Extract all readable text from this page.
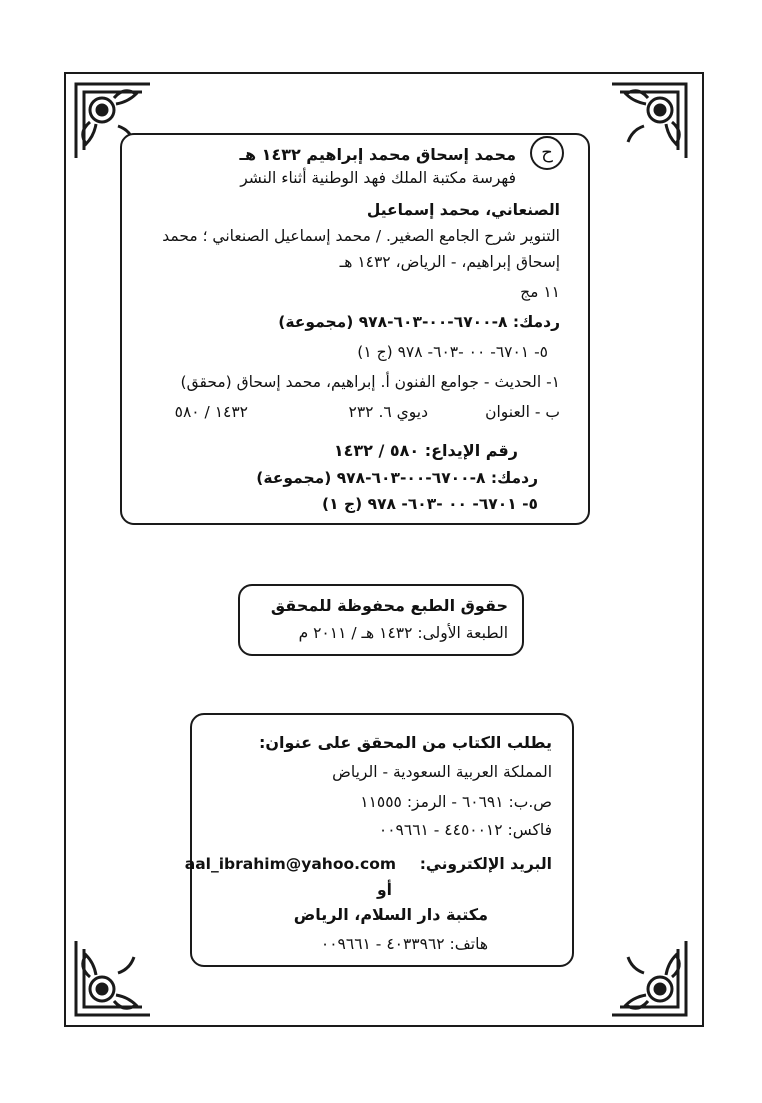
محمد إسحاق محمد إبراهيم ١٤٣٢ هـ
فهرسة مكتبة الملك فهد الوطنية أثناء النشر
الصنعاني، محمد إسماعيل
التنوير شرح الجامع الصغير. / محمد إسماعيل الصنعاني ؛ محمد
إسحاق إبراهيم، - الرياض، ١٤٣٢ هـ
١١ مج
ردمك: ٨-٦٧٠٠-٠٠-٦٠٣-٩٧٨ (مجموعة)
٥- ٦٧٠١- ٠٠ -٦٠٣- ٩٧٨ (ج ١)
١- الحديث - جوامع الفنون أ. إبراهيم، محمد إسحاق (محقق)
ب - العنوان
ديوي ٦. ٢٣٢
١٤٣٢ / ٥٨٠
رقم الإيداع: ٥٨٠ / ١٤٣٢
ردمك: ٨-٦٧٠٠-٠٠-٦٠٣-٩٧٨ (مجموعة)
٥- ٦٧٠١- ٠٠ -٦٠٣- ٩٧٨ (ج ١)
ح
حقوق الطبع محفوظة للمحقق
الطبعة الأولى: ١٤٣٢ هـ / ٢٠١١ م
يطلب الكتاب من المحقق على عنوان:
المملكة العربية السعودية - الرياض
ص.ب: ٦٠٦٩١ - الرمز: ١١٥٥٥
فاكس: ٤٤٥٠٠١٢ - ٠٠٩٦٦١
البريد الإلكتروني:
aal_ibrahim@yahoo.com
أو
مكتبة دار السلام، الرياض
هاتف: ٤٠٣٣٩٦٢ - ٠٠٩٦٦١
